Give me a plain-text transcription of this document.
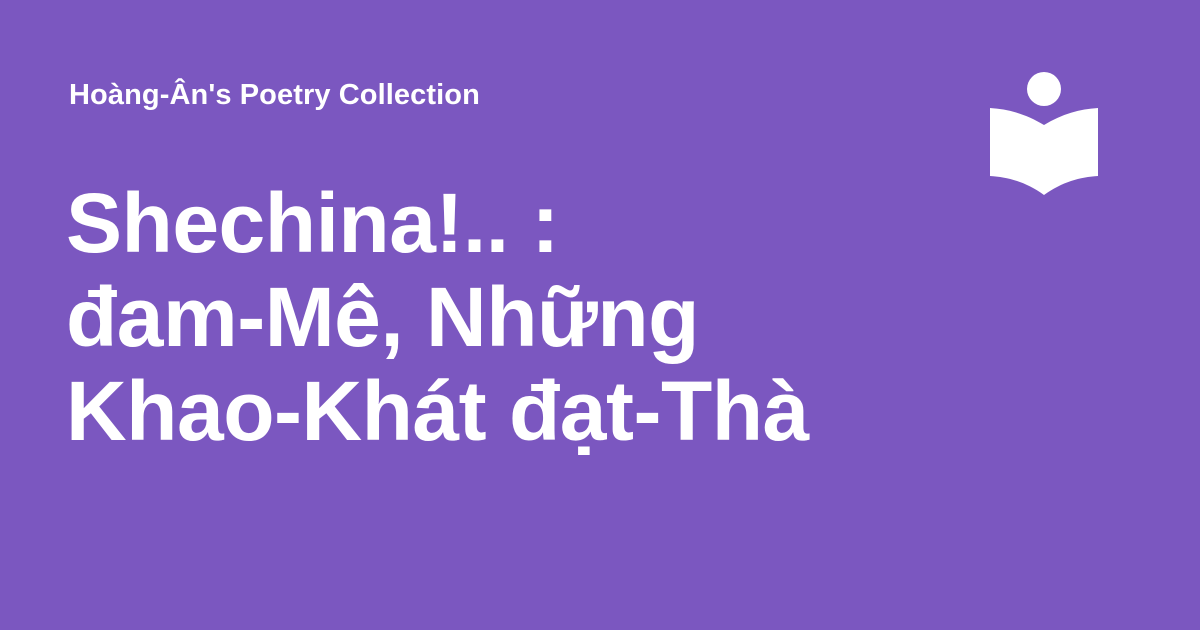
Hoàng-Ân's Poetry Collection
Shechina!.. :
đam-Mê, Những
Khao-Khát đạt-Thà
